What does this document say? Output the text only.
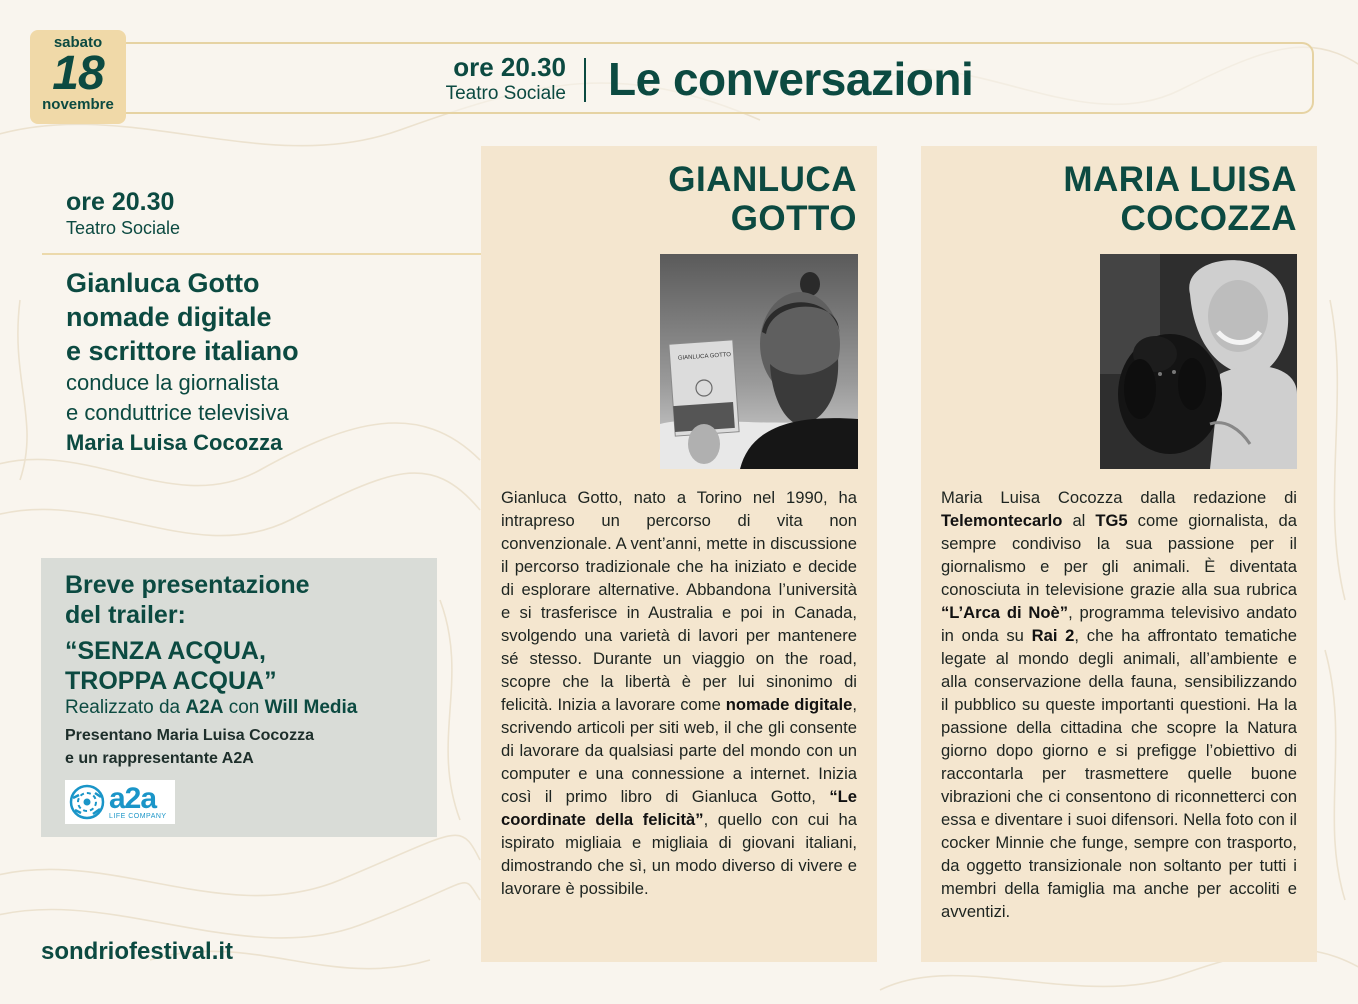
sabato
18
novembre
ore 20.30
Teatro Sociale Le conversazioni
ore 20.30
Teatro Sociale
Gianluca Gotto
nomade digitale
e scrittore italiano
conduce la giornalista
e conduttrice televisiva
Maria Luisa Cocozza
Breve presentazione
del trailer:
“SENZA ACQUA,
TROPPA ACQUA”
Realizzato da A2A con Will Media
Presentano Maria Luisa Cocozza
e un rappresentante A2A
a2a
LIFE COMPANY
sondriofestival.it
GIANLUCA
GOTTO
GIANLUCA GOTTO
Gianluca Gotto, nato a Torino nel 1990, ha intrapreso un percorso di vita non convenzionale. A vent’anni, mette in discussione il percorso tradizionale che ha iniziato e decide di esplorare alternative. Abbandona l’università e si trasferisce in Australia e poi in Canada, svolgendo una varietà di lavori per mantenere sé stesso. Durante un viaggio on the road, scopre che la libertà è per lui sinonimo di felicità. Inizia a lavorare come nomade digitale, scrivendo articoli per siti web, il che gli consente di lavorare da qualsiasi parte del mondo con un computer e una connessione a internet. Inizia così il primo libro di Gianluca Gotto, “Le coordinate della felicità”, quello con cui ha ispirato migliaia e migliaia di giovani italiani, dimostrando che sì, un modo diverso di vivere e lavorare è possibile.
MARIA LUISA
COCOZZA
Maria Luisa Cocozza dalla redazione di Telemontecarlo al TG5 come giornalista, da sempre condiviso la sua passione per il giornalismo e per gli animali. È diventata conosciuta in televisione grazie alla sua rubrica “L’Arca di Noè”, programma televisivo andato in onda su Rai 2, che ha affrontato tematiche legate al mondo degli animali, all’ambiente e alla conservazione della fauna, sensibilizzando il pubblico su queste importanti questioni. Ha la passione della cittadina che scopre la Natura giorno dopo giorno e si prefigge l’obiettivo di raccontarla per trasmettere quelle buone vibrazioni che ci consentono di riconnetterci con essa e diventare i suoi difensori. Nella foto con il cocker Minnie che funge, sempre con trasporto, da oggetto transizionale non soltanto per tutti i membri della famiglia ma anche per accoliti e avventizi.
